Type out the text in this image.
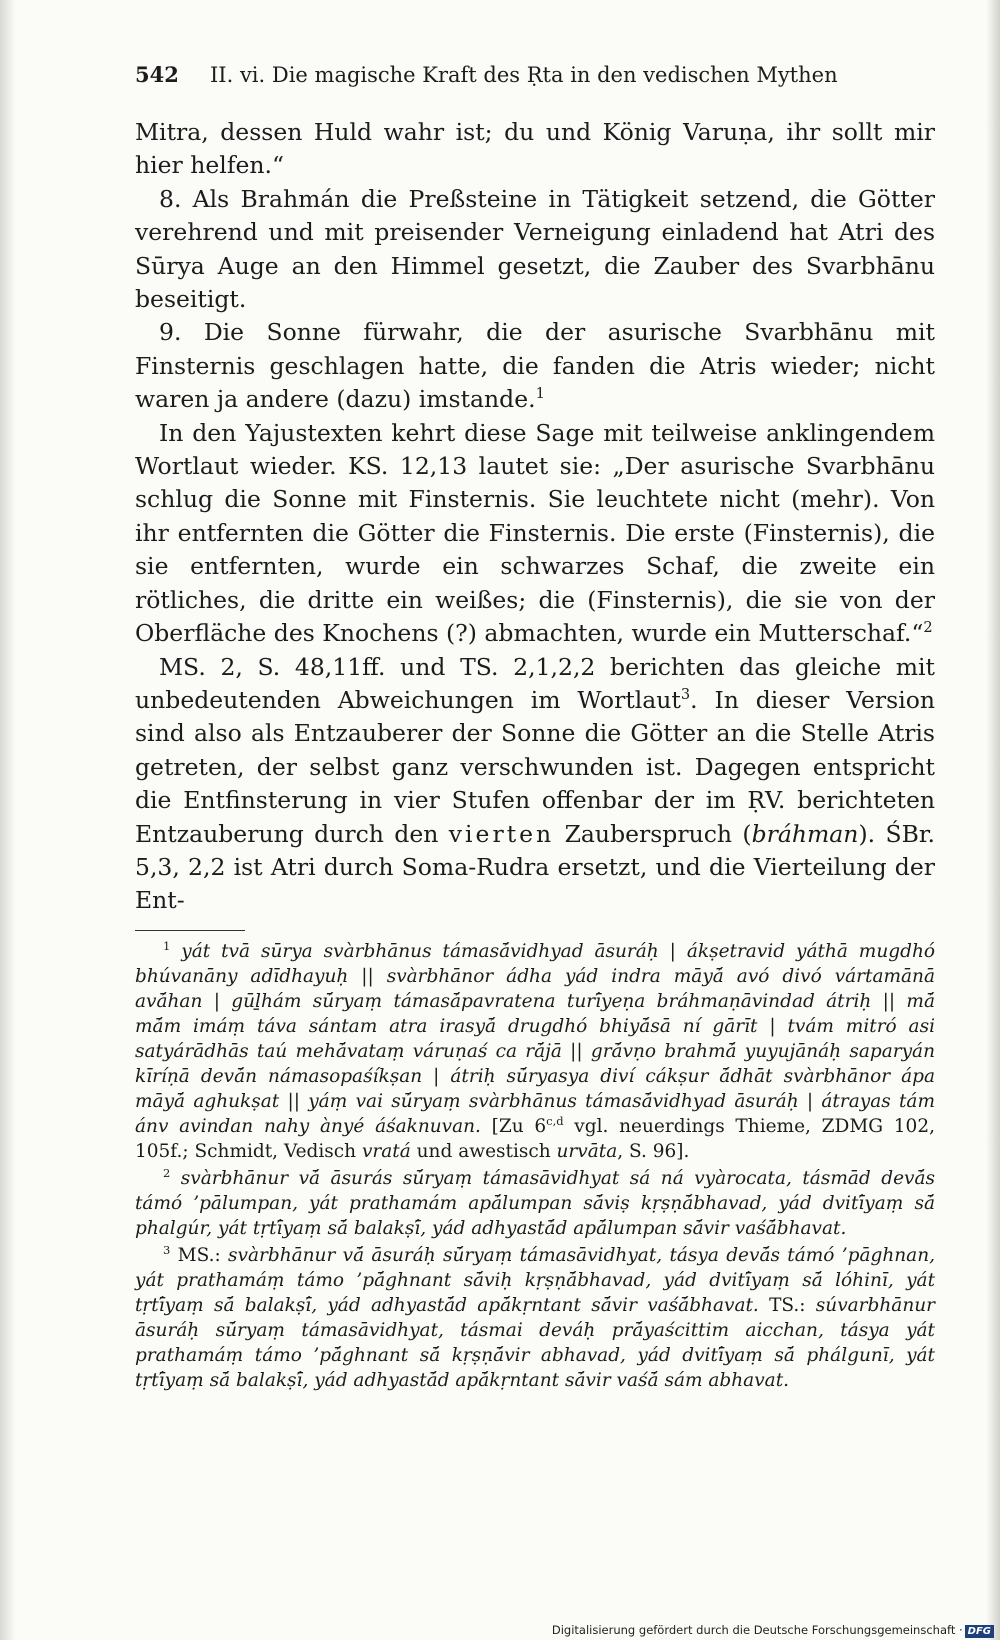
542 II. vi. Die magische Kraft des Ṛta in den vedischen Mythen

Mitra, dessen Huld wahr ist; du und König Varuṇa, ihr sollt mir hier helfen.“

8. Als Brahmán die Preßsteine in Tätigkeit setzend, die Götter verehrend und mit preisender Verneigung einladend hat Atri des Sūrya Auge an den Himmel gesetzt, die Zauber des Svarbhānu beseitigt.

9. Die Sonne fürwahr, die der asurische Svarbhānu mit Finsternis geschlagen hatte, die fanden die Atris wieder; nicht waren ja andere (dazu) imstande.$^1$

In den Yajustexten kehrt diese Sage mit teilweise anklingendem Wortlaut wieder. KS. 12,13 lautet sie: „Der asurische Svarbhānu schlug die Sonne mit Finsternis. Sie leuchtete nicht (mehr). Von ihr entfernten die Götter die Finsternis. Die erste (Finsternis), die sie entfernten, wurde ein schwarzes Schaf, die zweite ein rötliches, die dritte ein weißes; die (Finsternis), die sie von der Oberfläche des Knochens (?) abmachten, wurde ein Mutterschaf.“$^2$

MS. 2, S. 48,11ff. und TS. 2,1,2,2 berichten das gleiche mit unbedeutenden Abweichungen im Wortlaut$^3$. In dieser Version sind also als Entzauberer der Sonne die Götter an die Stelle Atris getreten, der selbst ganz verschwunden ist. Dagegen entspricht die Entfinsterung in vier Stufen offenbar der im ṚV. berichteten Entzauberung durch den vierten Zauberspruch (bráhman). ŚBr. 5,3, 2,2 ist Atri durch Soma-Rudra ersetzt, und die Vierteilung der Ent-

$^1$ yát tvā sūrya svàrbhānus támasā́vidhyad āsuráḥ | ákṣetravid yáthā mugdhó bhúvanāny adīdhayuḥ || svàrbhānor ádha yád indra māyā́ avó divó vártamānā avā́han | gūḻhám sū́ryaṃ támasā́pavratena turī́yeṇa bráhmaṇāvindad átriḥ || mā́ mā́m imáṃ táva sántam atra irasyā́ drugdhó bhiyā́sā ní gārīt | tvám mitró asi satyárādhās taú mehā́vataṃ váruṇaś ca rā́jā || grā́vṇo brahmā́ yuyujānáḥ saparyán kīríṇā devā́n námasopaśíkṣan | átriḥ sū́ryasya diví cákṣur ā́dhāt svàrbhānor ápa māyā́ aghukṣat || yáṃ vai sū́ryaṃ svàrbhānus támasā́vidhyad āsuráḥ | átrayas tám ánv avindan nahy ànyé áśaknuvan. [Zu 6$^{c,d}$ vgl. neuerdings Thieme, ZDMG 102, 105f.; Schmidt, Vedisch vratá und awestisch urvāta, S. 96].

$^2$ svàrbhānur vā́ āsurás sū́ryaṃ támasāvidhyat sá ná vyàrocata, tásmād devā́s támó ’pālumpan, yát prathamám apā́lumpan sā́viṣ kṛṣṇā́bhavad, yád dvitī́yaṃ sā́ phalgúr, yát tṛtī́yaṃ sā́ balakṣī́, yád adhyastā́d apā́lumpan sā́vir vaśā́bhavat.

$^3$ MS.: svàrbhānur vā́ āsuráḥ sū́ryaṃ támasāvidhyat, tásya devā́s támó ’pāghnan, yát prathamáṃ támo ’pā́ghnant sā́viḥ kṛṣṇā́bhavad, yád dvitī́yaṃ sā́ lóhinī, yát tṛtī́yaṃ sā́ balakṣī́, yád adhyastā́d apā́kṛntant sā́vir vaśā́bhavat. TS.: súvarbhānur āsuráḥ sū́ryaṃ támasāvidhyat, tásmai deváḥ prā́yaścittim aicchan, tásya yát prathamáṃ támo ’pā́ghnant sā́ kṛṣṇā́vir abhavad, yád dvitī́yaṃ sā́ phálgunī, yát tṛtī́yaṃ sā́ balakṣī́, yád adhyastā́d apā́kṛntant sā́vir vaśā́ sám abhavat.

Digitalisierung gefördert durch die Deutsche Forschungsgemeinschaft · DFG
